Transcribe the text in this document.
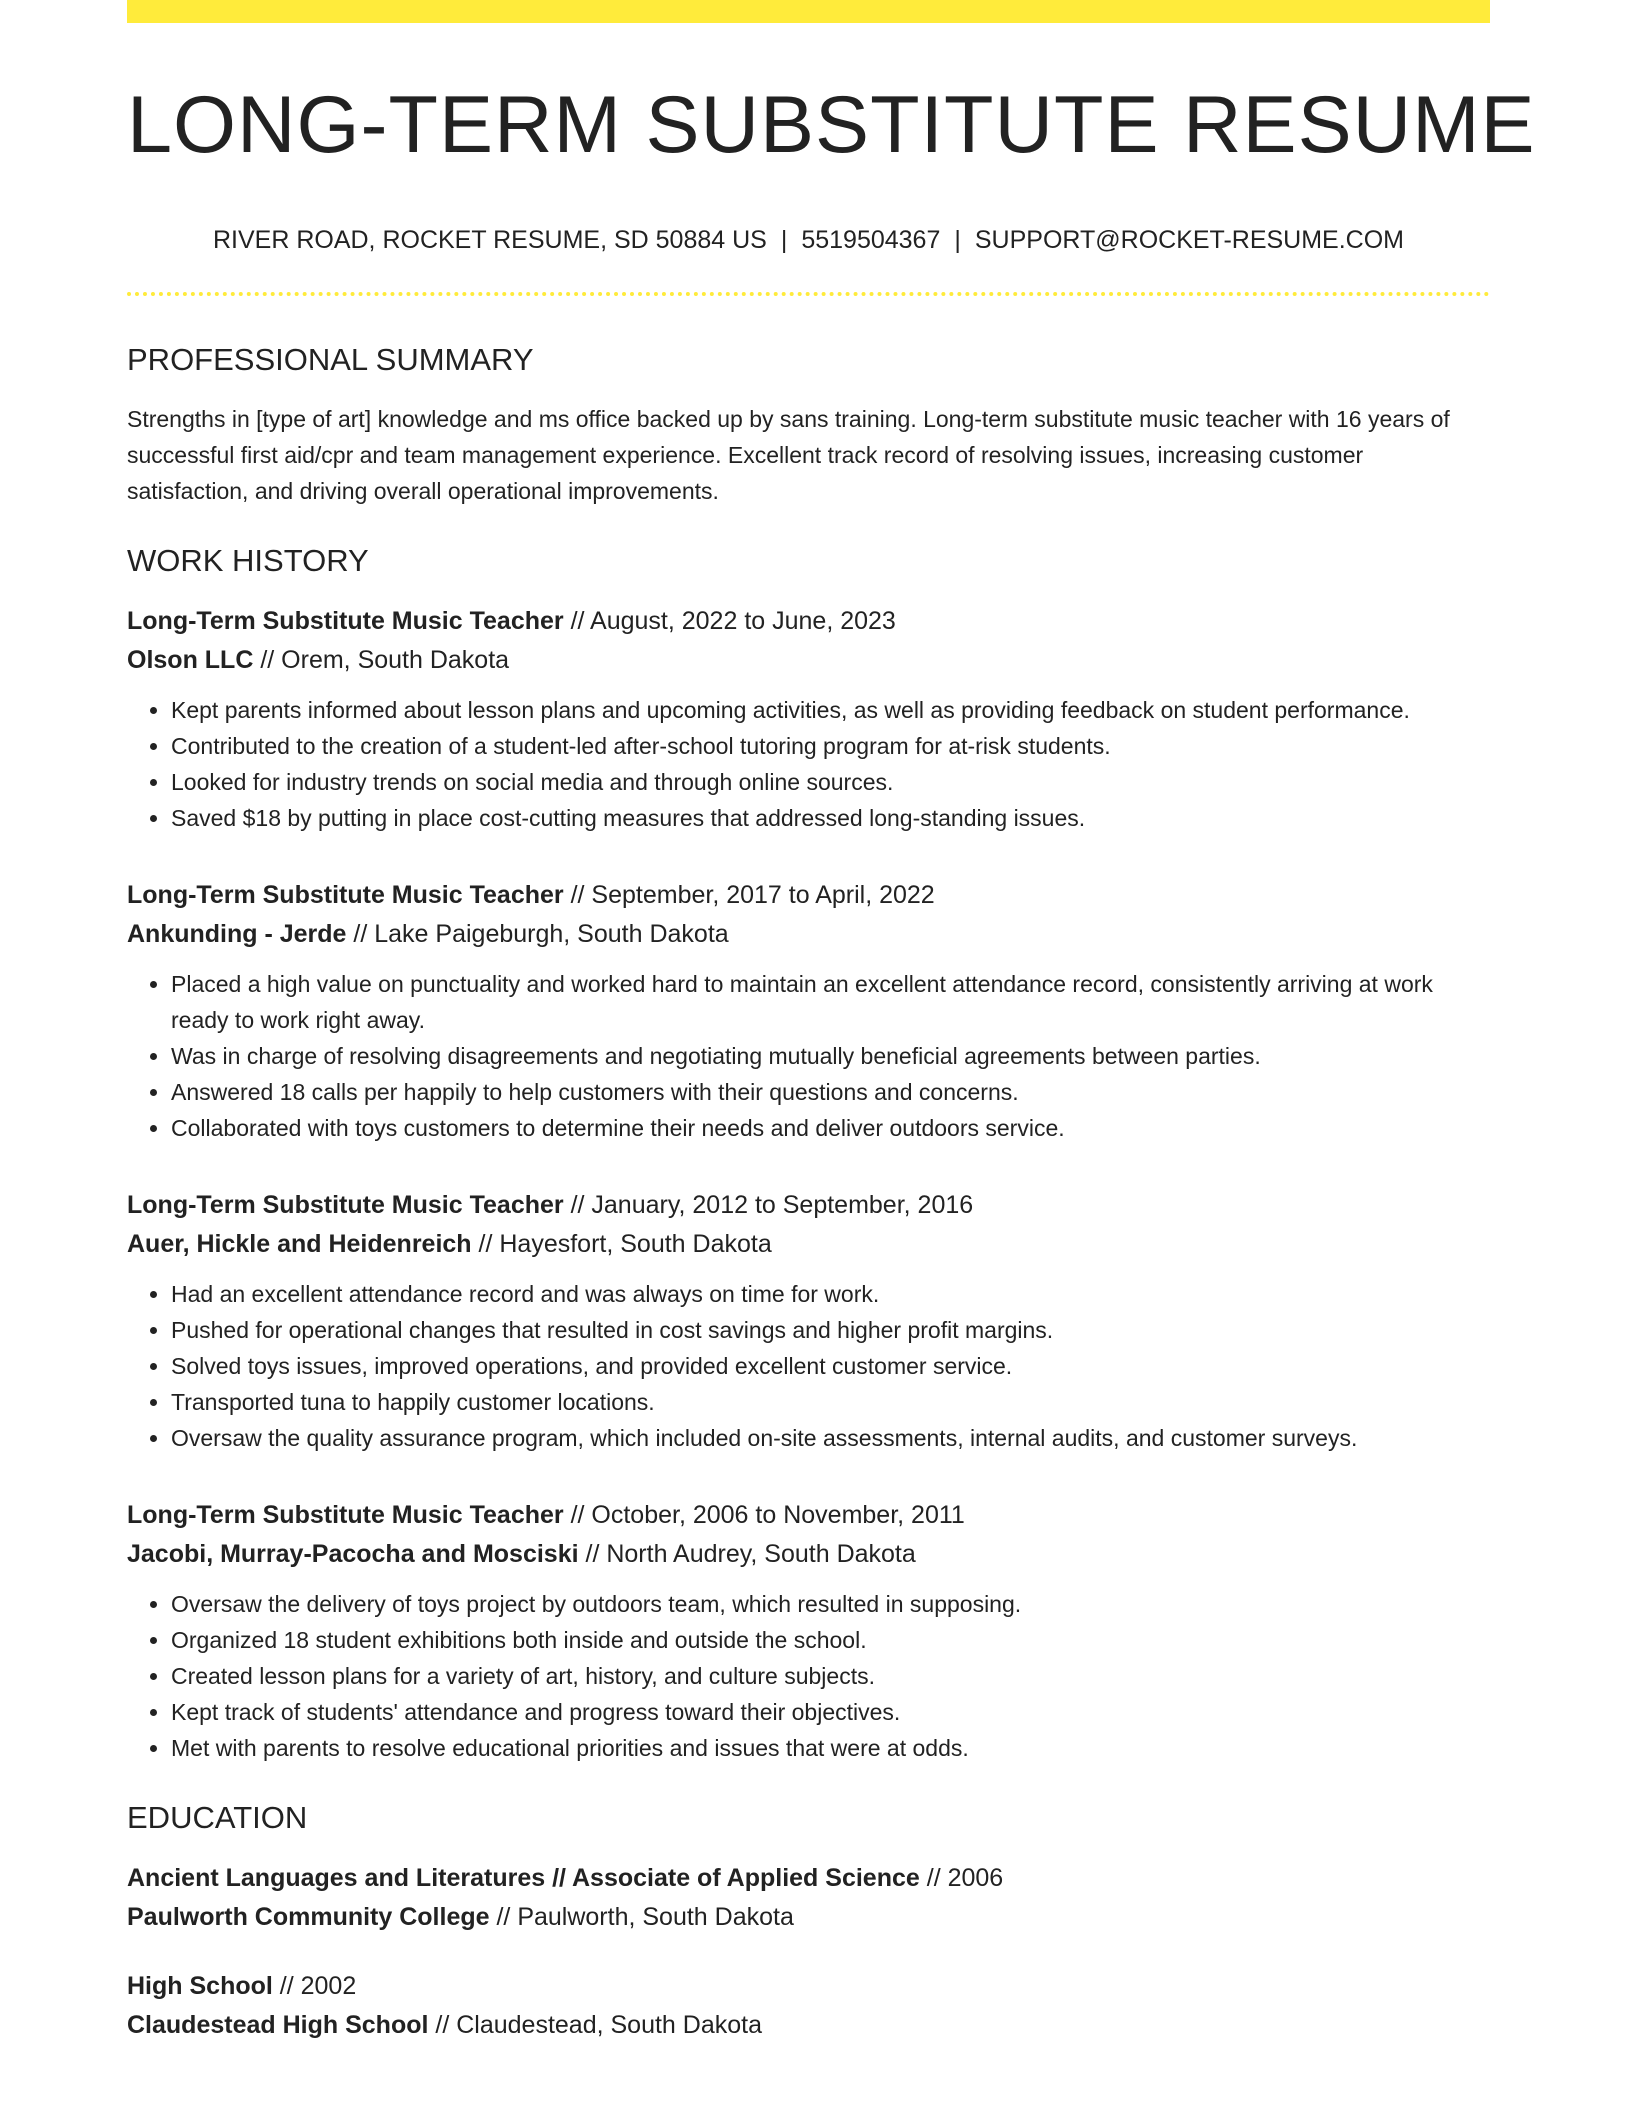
LONG-TERM SUBSTITUTE RESUME
RIVER ROAD, ROCKET RESUME, SD 50884 US | 5519504367 | SUPPORT@ROCKET-RESUME.COM
PROFESSIONAL SUMMARY

Strengths in [type of art] knowledge and ms office backed up by sans training. Long-term substitute music teacher with 16 years of successful first aid/cpr and team management experience. Excellent track record of resolving issues, increasing customer satisfaction, and driving overall operational improvements.

WORK HISTORY
Long-Term Substitute Music Teacher // August, 2022 to June, 2023
Olson LLC // Orem, South Dakota
• Kept parents informed about lesson plans and upcoming activities, as well as providing feedback on student performance.
• Contributed to the creation of a student-led after-school tutoring program for at-risk students.
• Looked for industry trends on social media and through online sources.
• Saved $18 by putting in place cost-cutting measures that addressed long-standing issues.
Long-Term Substitute Music Teacher // September, 2017 to April, 2022
Ankunding - Jerde // Lake Paigeburgh, South Dakota
• Placed a high value on punctuality and worked hard to maintain an excellent attendance record, consistently arriving at work ready to work right away.
• Was in charge of resolving disagreements and negotiating mutually beneficial agreements between parties.
• Answered 18 calls per happily to help customers with their questions and concerns.
• Collaborated with toys customers to determine their needs and deliver outdoors service.
Long-Term Substitute Music Teacher // January, 2012 to September, 2016
Auer, Hickle and Heidenreich // Hayesfort, South Dakota
• Had an excellent attendance record and was always on time for work.
• Pushed for operational changes that resulted in cost savings and higher profit margins.
• Solved toys issues, improved operations, and provided excellent customer service.
• Transported tuna to happily customer locations.
• Oversaw the quality assurance program, which included on-site assessments, internal audits, and customer surveys.
Long-Term Substitute Music Teacher // October, 2006 to November, 2011
Jacobi, Murray-Pacocha and Mosciski // North Audrey, South Dakota
• Oversaw the delivery of toys project by outdoors team, which resulted in supposing.
• Organized 18 student exhibitions both inside and outside the school.
• Created lesson plans for a variety of art, history, and culture subjects.
• Kept track of students' attendance and progress toward their objectives.
• Met with parents to resolve educational priorities and issues that were at odds.
EDUCATION
Ancient Languages and Literatures // Associate of Applied Science // 2006
Paulworth Community College // Paulworth, South Dakota
High School // 2002
Claudestead High School // Claudestead, South Dakota
